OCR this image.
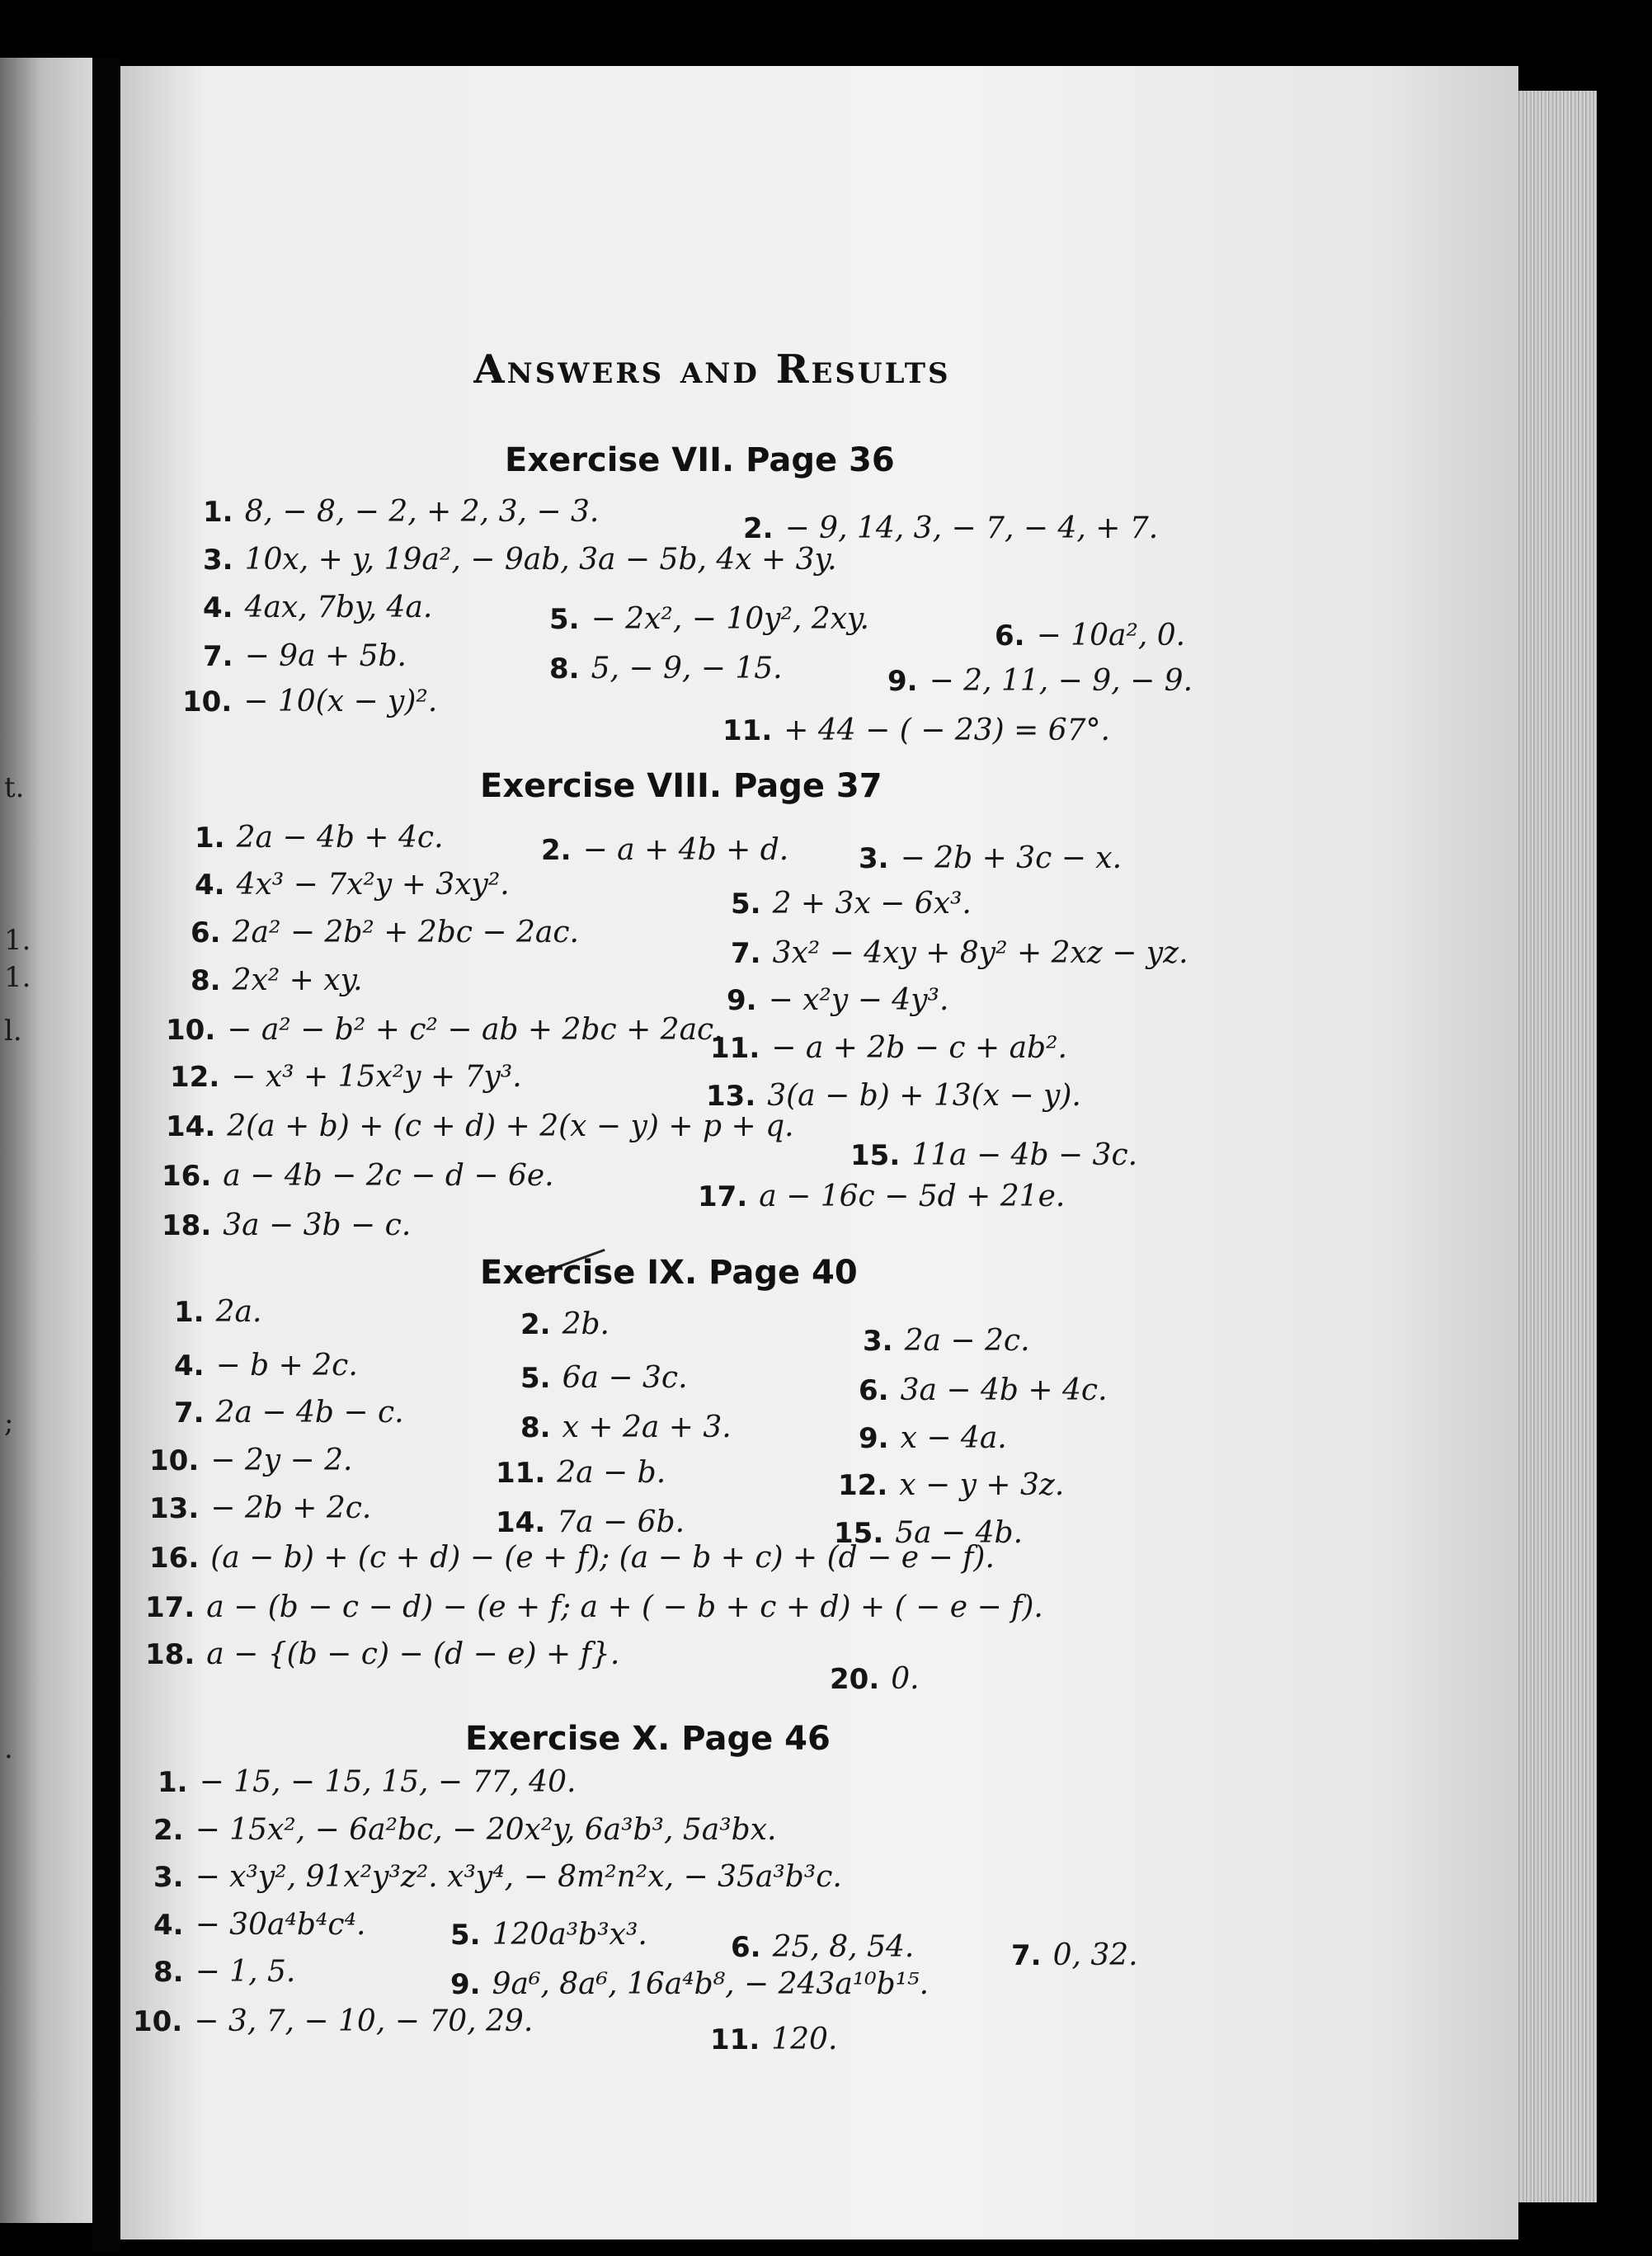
t.
1.
1.
l.
;
.
Answers and Results
Exercise VII. Page 36
1. 8, − 8, − 2, + 2, 3, − 3.	2. − 9, 14, 3, − 7, − 4, + 7.
3. 10x, + y, 19a², − 9ab, 3a − 5b, 4x + 3y.
4. 4ax, 7by, 4a.	5. − 2x², − 10y², 2xy.	6. − 10a², 0.
7. − 9a + 5b.	8. 5, − 9, − 15.	9. − 2, 11, − 9, − 9.
10. − 10(x − y)².
11. + 44 − ( − 23) = 67°.
Exercise VIII. Page 37
1. 2a − 4b + 4c.	2. − a + 4b + d. 3. − 2b + 3c − x.
4. 4x³ − 7x²y + 3xy².
5. 2 + 3x − 6x³.
6. 2a² − 2b² + 2bc − 2ac.
7. 3x² − 4xy + 8y² + 2xz − yz.
8. 2x² + xy.
9. − x²y − 4y³.
10. − a² − b² + c² − ab + 2bc + 2ac.
11. − a + 2b − c + ab².
12. − x³ + 15x²y + 7y³.
13. 3(a − b) + 13(x − y).
14. 2(a + b) + (c + d) + 2(x − y) + p + q.
15. 11a − 4b − 3c.
16. a − 4b − 2c − d − 6e.
17. a − 16c − 5d + 21e.
18. 3a − 3b − c.
Exercise IX. Page 40
1. 2a.	2. 2b.	3. 2a − 2c.
4. − b + 2c.	5. 6a − 3c.	6. 3a − 4b + 4c.
7. 2a − 4b − c.	8. x + 2a + 3.	9. x − 4a.
10. − 2y − 2.	11. 2a − b.	12. x − y + 3z.
13. − 2b + 2c.	14. 7a − 6b.	15. 5a − 4b.
16. (a − b) + (c + d) − (e + f); (a − b + c) + (d − e − f).
17. a − (b − c − d) − (e + f; a + ( − b + c + d) + ( − e − f).
18. a − {(b − c) − (d − e) + f}.
20. 0.
Exercise X. Page 46
1. − 15, − 15, 15, − 77, 40.
2. − 15x², − 6a²bc, − 20x²y, 6a³b³, 5a³bx.
3. − x³y², 91x²y³z². x³y⁴, − 8m²n²x, − 35a³b³c.
4. − 30a⁴b⁴c⁴.	5. 120a³b³x³.	6. 25, 8, 54.	7. 0, 32.
8. − 1, 5.	9. 9a⁶, 8a⁶, 16a⁴b⁸, − 243a¹⁰b¹⁵.
10. − 3, 7, − 10, − 70, 29.
11. 120.
